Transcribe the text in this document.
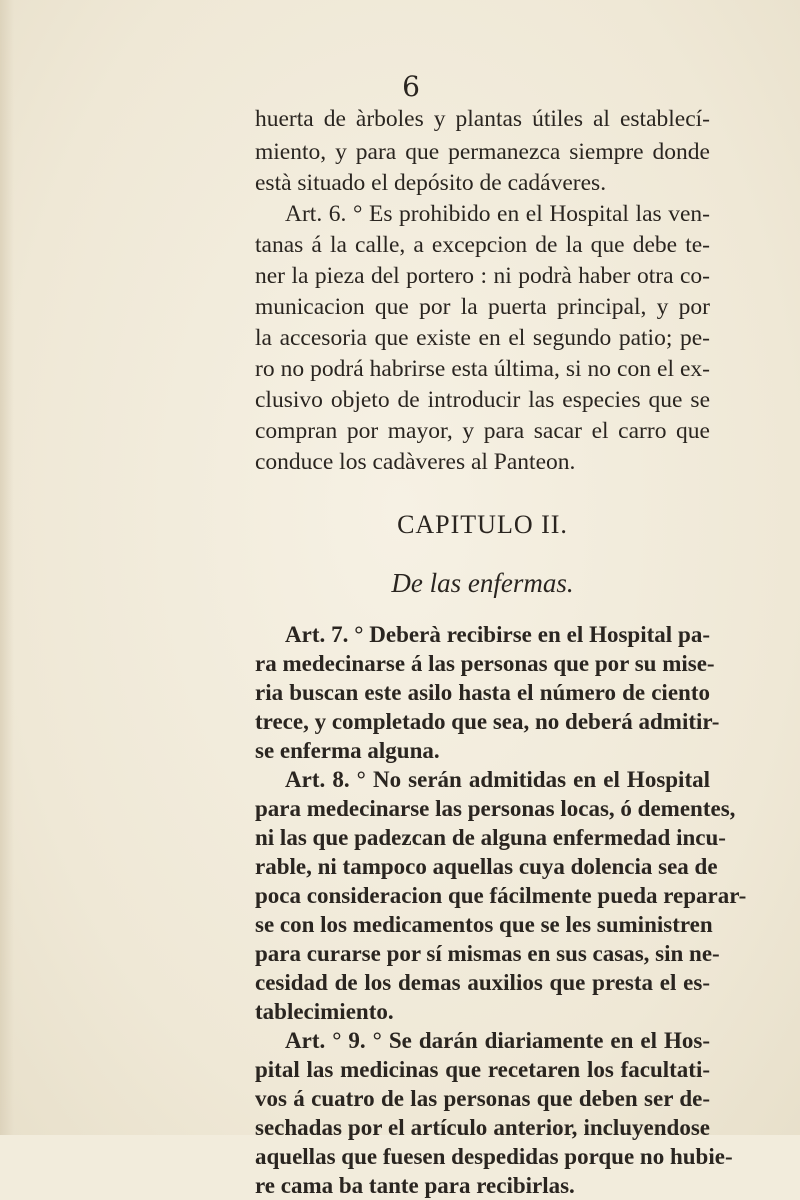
6
huerta de àrboles y plantas útiles al establecí-
miento, y para que permanezca siempre donde
està situado el depósito de cadáveres.
Art. 6. ° Es prohibido en el Hospital las ven-
tanas á la calle, a excepcion de la que debe te-
ner la pieza del portero : ni podrà haber otra co-
municacion que por la puerta principal, y por
la accesoria que existe en el segundo patio; pe-
ro no podrá habrirse esta última, si no con el ex-
clusivo objeto de introducir las especies que se
compran por mayor, y para sacar el carro que
conduce los cadàveres al Panteon.
CAPITULO II.
De las enfermas.
Art. 7. ° Deberà recibirse en el Hospital pa-
ra medecinarse á las personas que por su mise-
ria buscan este asilo hasta el número de ciento
trece, y completado que sea, no deberá admitir-
se enferma alguna.
Art. 8. ° No serán admitidas en el Hospital
para medecinarse las personas locas, ó dementes,
ni las que padezcan de alguna enfermedad incu-
rable, ni tampoco aquellas cuya dolencia sea de
poca consideracion que fácilmente pueda reparar-
se con los medicamentos que se les suministren
para curarse por sí mismas en sus casas, sin ne-
cesidad de los demas auxilios que presta el es-
tablecimiento.
Art. ° 9. ° Se darán diariamente en el Hos-
pital las medicinas que recetaren los facultati-
vos á cuatro de las personas que deben ser de-
sechadas por el artículo anterior, incluyendose
aquellas que fuesen despedidas porque no hubie-
re cama ba tante para recibirlas.
